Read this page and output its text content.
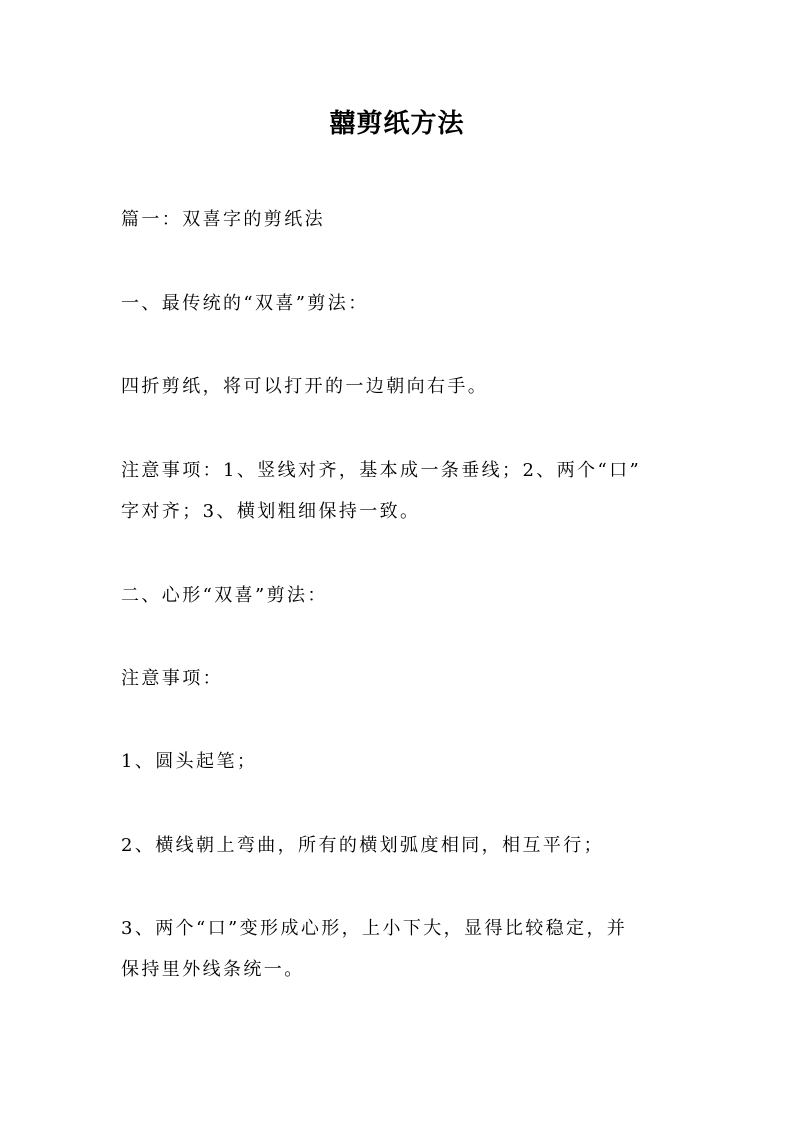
囍剪纸方法
篇一：双喜字的剪纸法
一、最传统的“双喜”剪法：
四折剪纸，将可以打开的一边朝向右手。
注意事项：1、竖线对齐，基本成一条垂线；2、两个“口”
字对齐；3、横划粗细保持一致。
二、心形“双喜”剪法：
注意事项：
1、圆头起笔；
2、横线朝上弯曲，所有的横划弧度相同，相互平行；
3、两个“口”变形成心形，上小下大，显得比较稳定，并
保持里外线条统一。
